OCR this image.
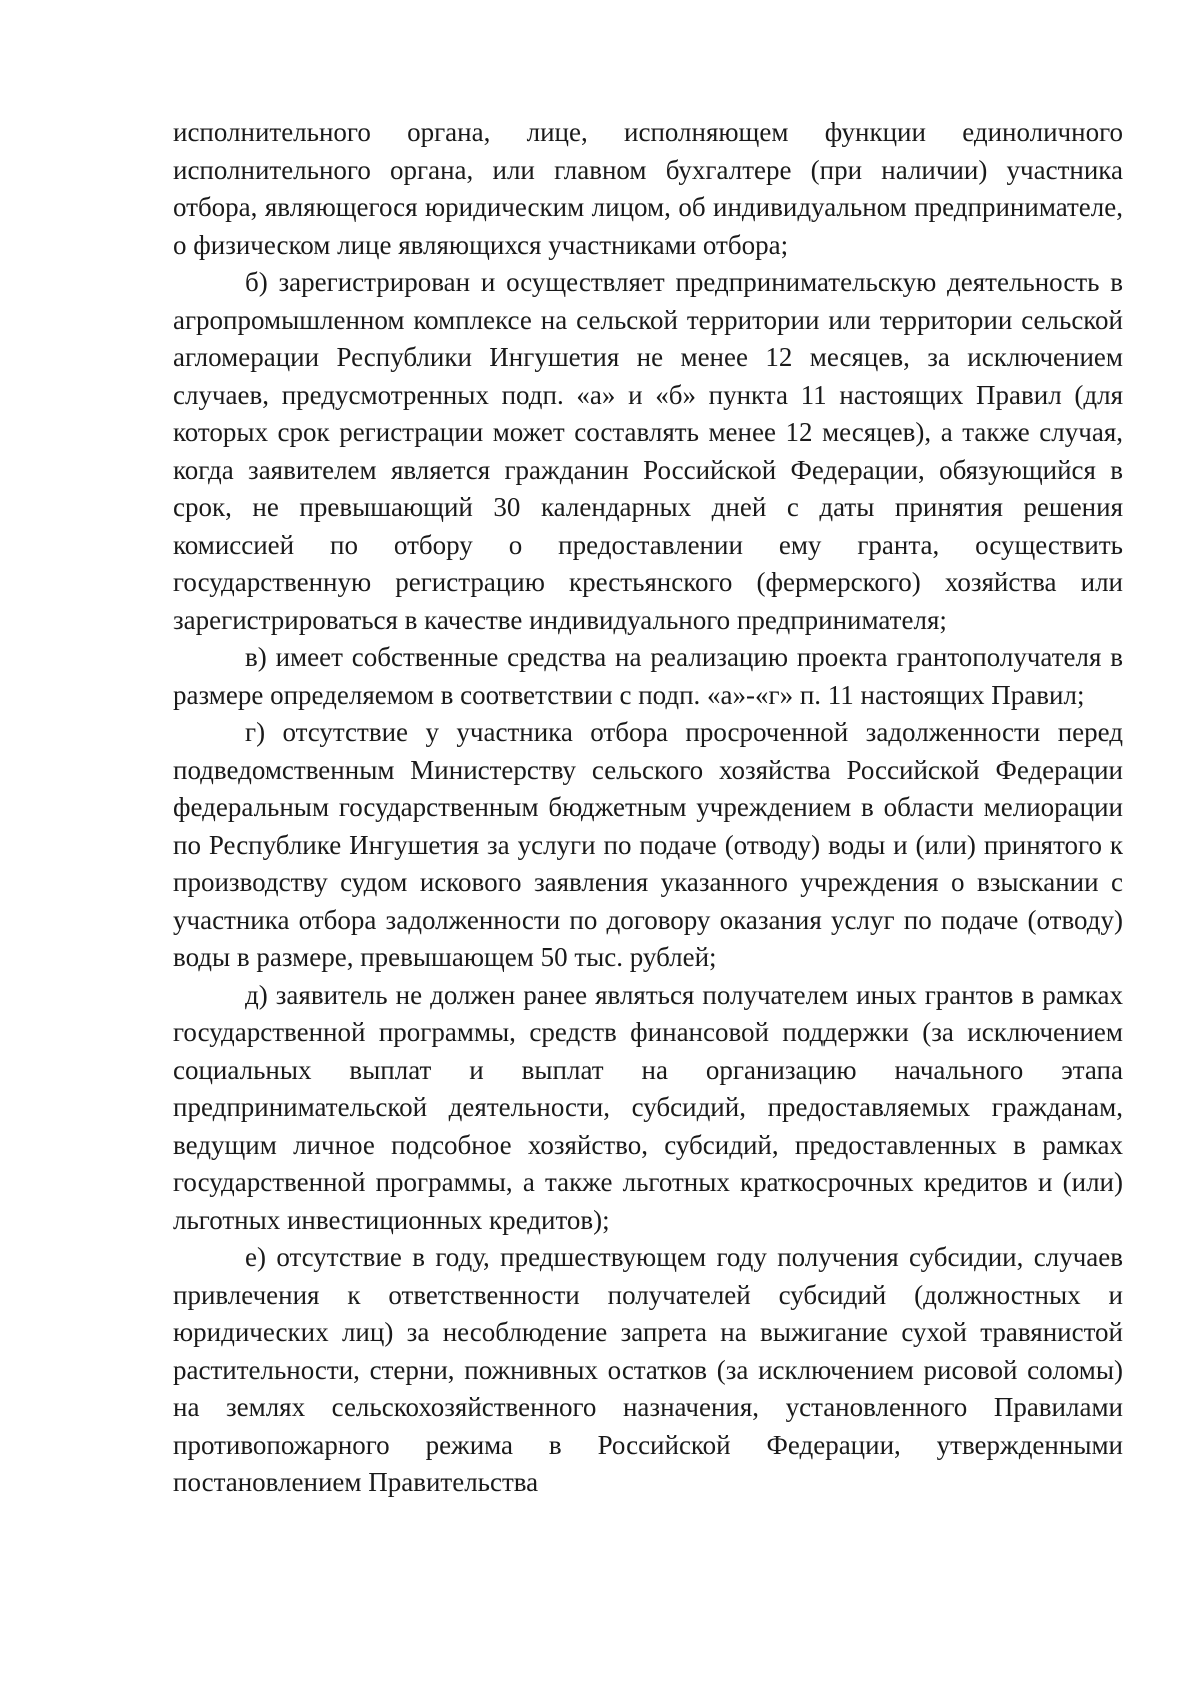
исполнительного органа, лице, исполняющем функции единоличного исполнительного органа, или главном бухгалтере (при наличии) участника отбора, являющегося юридическим лицом, об индивидуальном предпринимателе, о физическом лице являющихся участниками отбора;

б) зарегистрирован и осуществляет предпринимательскую деятельность в агропромышленном комплексе на сельской территории или территории сельской агломерации Республики Ингушетия не менее 12 месяцев, за исключением случаев, предусмотренных подп. «а» и «б» пункта 11 настоящих Правил (для которых срок регистрации может составлять менее 12 месяцев), а также случая, когда заявителем является гражданин Российской Федерации, обязующийся в срок, не превышающий 30 календарных дней с даты принятия решения комиссией по отбору о предоставлении ему гранта, осуществить государственную регистрацию крестьянского (фермерского) хозяйства или зарегистрироваться в качестве индивидуального предпринимателя;

в) имеет собственные средства на реализацию проекта грантополучателя в размере определяемом в соответствии с подп. «а»-«г» п. 11 настоящих Правил;

г) отсутствие у участника отбора просроченной задолженности перед подведомственным Министерству сельского хозяйства Российской Федерации федеральным государственным бюджетным учреждением в области мелиорации по Республике Ингушетия за услуги по подаче (отводу) воды и (или) принятого к производству судом искового заявления указанного учреждения о взыскании с участника отбора задолженности по договору оказания услуг по подаче (отводу) воды в размере, превышающем 50 тыс. рублей;

д) заявитель не должен ранее являться получателем иных грантов в рамках государственной программы, средств финансовой поддержки (за исключением социальных выплат и выплат на организацию начального этапа предпринимательской деятельности, субсидий, предоставляемых гражданам, ведущим личное подсобное хозяйство, субсидий, предоставленных в рамках государственной программы, а также льготных краткосрочных кредитов и (или) льготных инвестиционных кредитов);

е) отсутствие в году, предшествующем году получения субсидии, случаев привлечения к ответственности получателей субсидий (должностных и юридических лиц) за несоблюдение запрета на выжигание сухой травянистой растительности, стерни, пожнивных остатков (за исключением рисовой соломы) на землях сельскохозяйственного назначения, установленного Правилами противопожарного режима в Российской Федерации, утвержденными постановлением Правительства
